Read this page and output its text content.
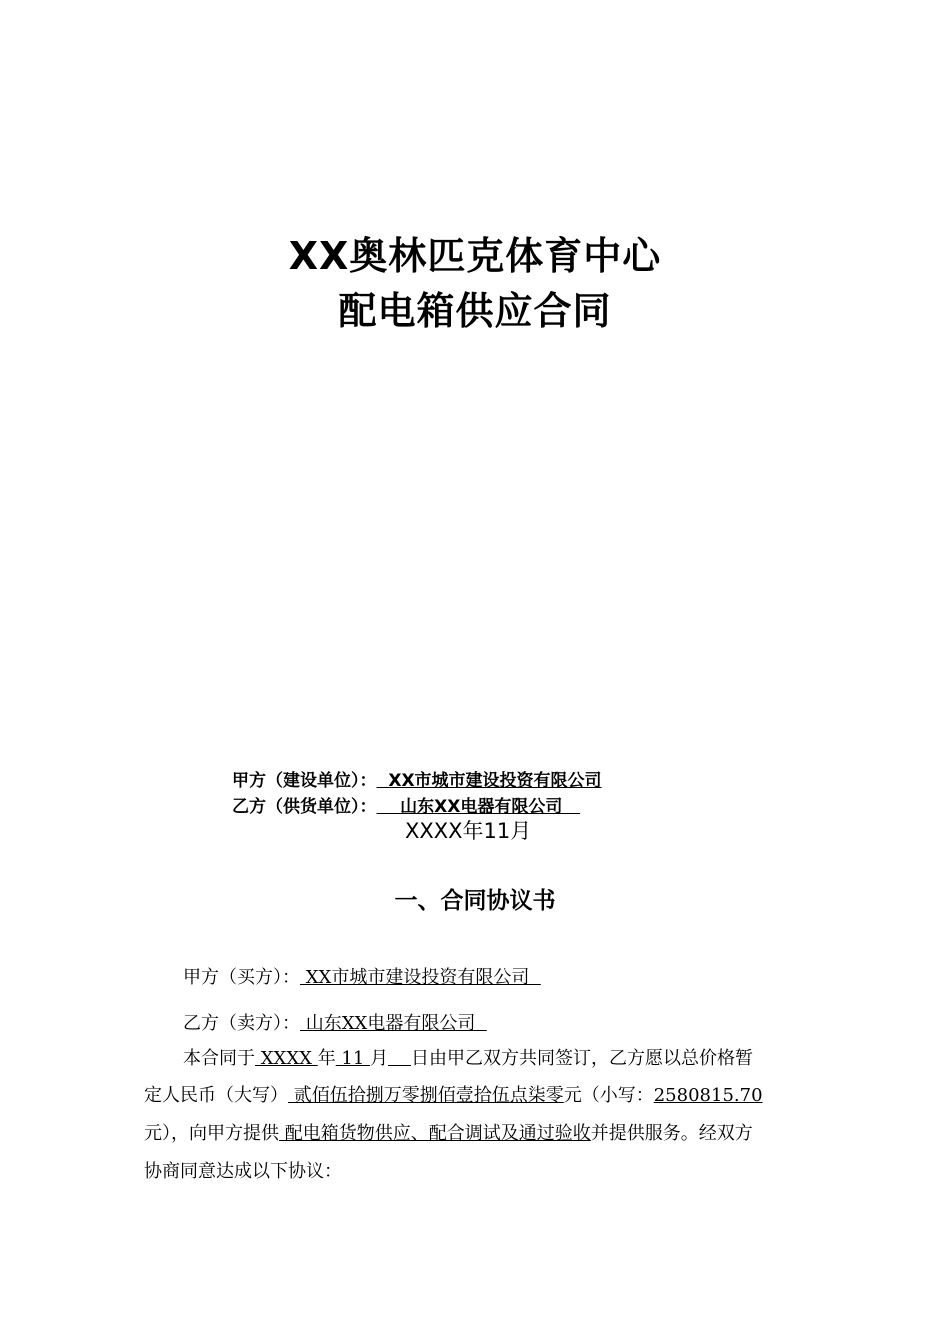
XX奥林匹克体育中心
配电箱供应合同
甲方（建设单位）：  XX市城市建设投资有限公司
乙方（供货单位）：    山东XX电器有限公司
XXXX年11月
一、合同协议书
甲方（买方）： XX市城市建设投资有限公司
乙方（卖方）： 山东XX电器有限公司
本合同于 XXXX 年 11 月 日由甲乙双方共同签订，乙方愿以总价格暂
定人民币（大写） 贰佰伍拾捌万零捌佰壹拾伍点柒零元（小写：2580815.70
元），向甲方提供 配电箱货物供应、配合调试及通过验收并提供服务。经双方
协商同意达成以下协议：
